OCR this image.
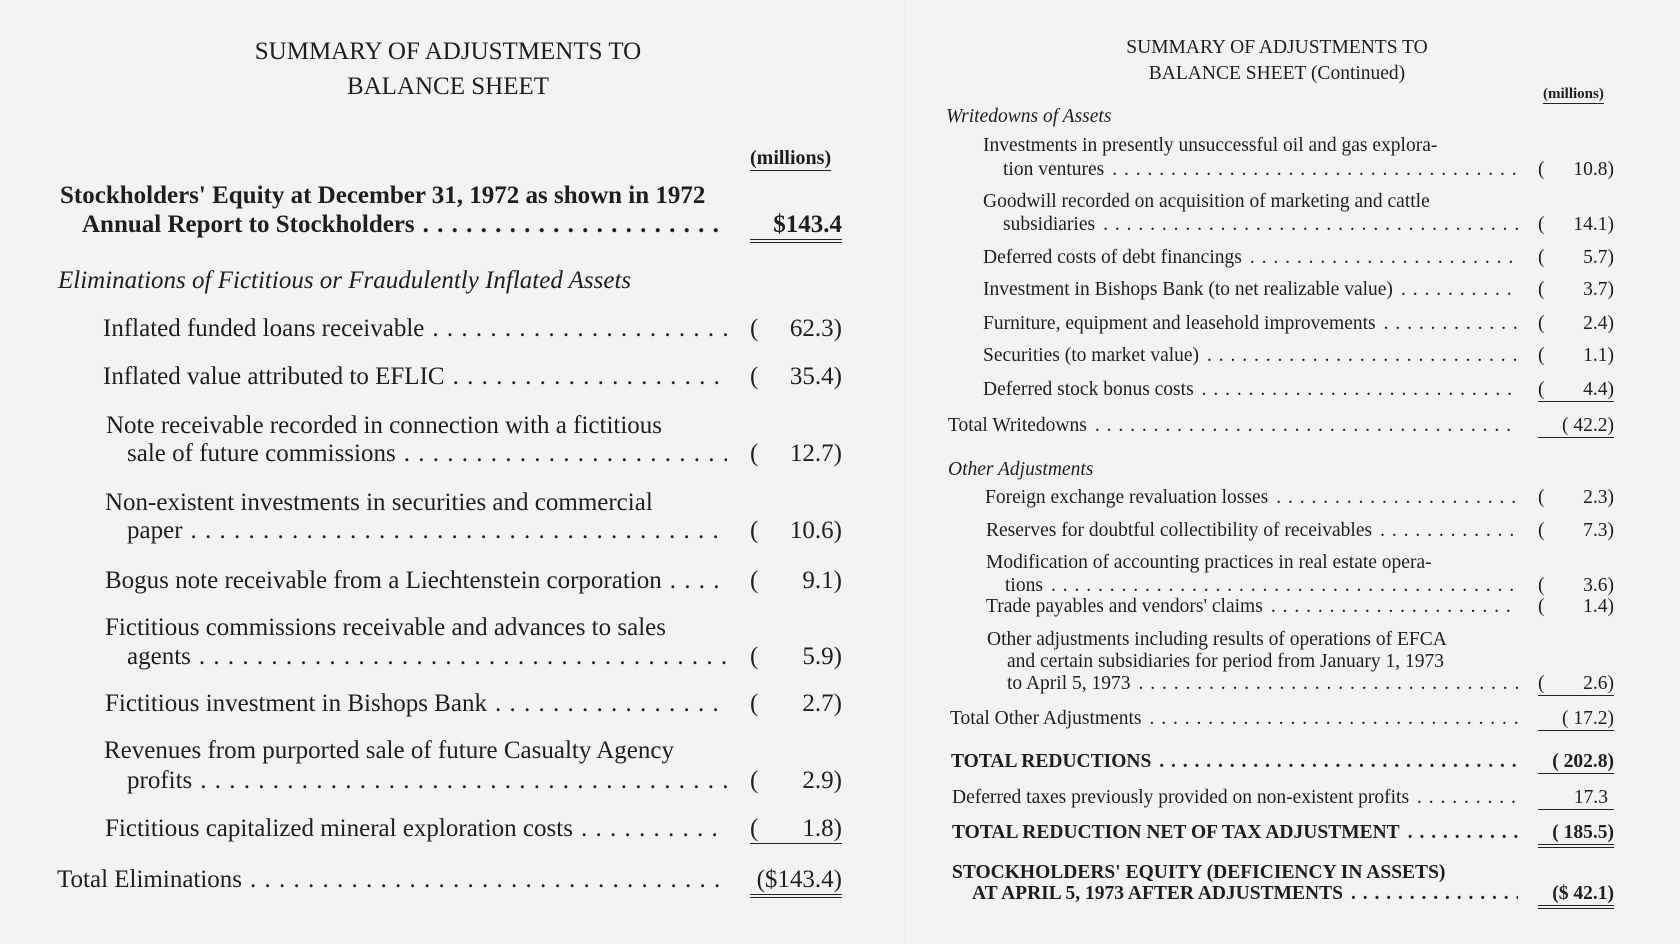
SUMMARY OF ADJUSTMENTS TO
BALANCE SHEET
(millions)
Stockholders' Equity at December 31, 1972 as shown in 1972
Annual Report to Stockholders . . .	$143.4
Eliminations of Fictitious or Fraudulently Inflated Assets
Inflated funded loans receivable . . .	( 62.3)
Inflated value attributed to EFLIC . . .	( 35.4)
Note receivable recorded in connection with a fictitious
sale of future commissions . . .	( 12.7)
Non-existent investments in securities and commercial
paper . . .	( 10.6)
Bogus note receivable from a Liechtenstein corporation . . .	( 9.1)
Fictitious commissions receivable and advances to sales
agents . . .	( 5.9)
Fictitious investment in Bishops Bank . . .	( 2.7)
Revenues from purported sale of future Casualty Agency
profits . . .	( 2.9)
Fictitious capitalized mineral exploration costs . . .	( 1.8)
Total Eliminations . . .	($143.4)
SUMMARY OF ADJUSTMENTS TO
BALANCE SHEET (Continued)
(millions)
Writedowns of Assets
Investments in presently unsuccessful oil and gas explora-
tion ventures . . .	( 10.8)
Goodwill recorded on acquisition of marketing and cattle
subsidiaries . . .	( 14.1)
Deferred costs of debt financings . . .	( 5.7)
Investment in Bishops Bank (to net realizable value) . . .	( 3.7)
Furniture, equipment and leasehold improvements . . .	( 2.4)
Securities (to market value) . . .	( 1.1)
Deferred stock bonus costs . . .	( 4.4)
Total Writedowns . . .	( 42.2)
Other Adjustments
Foreign exchange revaluation losses . . .	( 2.3)
Reserves for doubtful collectibility of receivables . . .	( 7.3)
Modification of accounting practices in real estate opera-
tions . . .	( 3.6)
Trade payables and vendors' claims . . .	( 1.4)
Other adjustments including results of operations of EFCA
and certain subsidiaries for period from January 1, 1973
to April 5, 1973 . . .	( 2.6)
Total Other Adjustments . . .	( 17.2)
TOTAL REDUCTIONS . . .	( 202.8)
Deferred taxes previously provided on non-existent profits . . .	17.3
TOTAL REDUCTION NET OF TAX ADJUSTMENT . . .	( 185.5)
STOCKHOLDERS' EQUITY (DEFICIENCY IN ASSETS)
AT APRIL 5, 1973 AFTER ADJUSTMENTS . . .	($ 42.1)
